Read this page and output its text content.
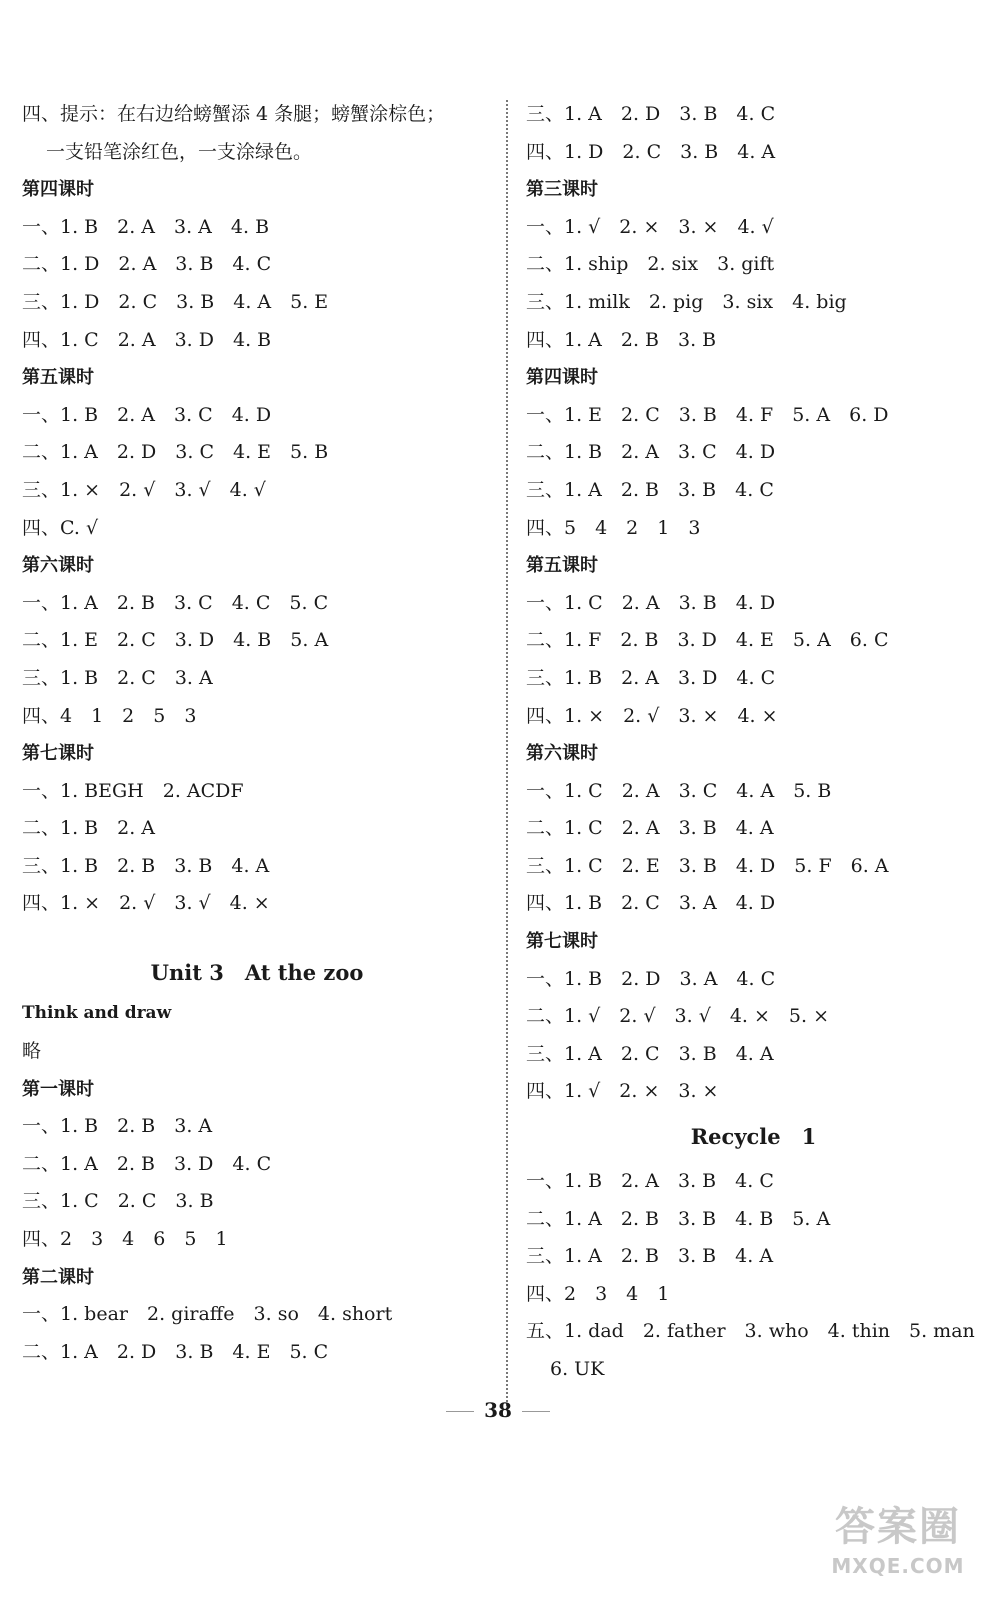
四、提示：在右边给螃蟹添 4 条腿；螃蟹涂棕色；
一支铅笔涂红色，一支涂绿色。
第四课时
一、1. B　2. A　3. A　4. B
二、1. D　2. A　3. B　4. C
三、1. D　2. C　3. B　4. A　5. E
四、1. C　2. A　3. D　4. B
第五课时
一、1. B　2. A　3. C　4. D
二、1. A　2. D　3. C　4. E　5. B
三、1. ×　2. √　3. √　4. √
四、C. √
第六课时
一、1. A　2. B　3. C　4. C　5. C
二、1. E　2. C　3. D　4. B　5. A
三、1. B　2. C　3. A
四、4　1　2　5　3
第七课时
一、1. BEGH　2. ACDF
二、1. B　2. A
三、1. B　2. B　3. B　4. A
四、1. ×　2. √　3. √　4. ×
Unit 3　At the zoo
Think and draw
略
第一课时
一、1. B　2. B　3. A
二、1. A　2. B　3. D　4. C
三、1. C　2. C　3. B
四、2　3　4　6　5　1
第二课时
一、1. bear　2. giraffe　3. so　4. short
二、1. A　2. D　3. B　4. E　5. C
三、1. A　2. D　3. B　4. C
四、1. D　2. C　3. B　4. A
第三课时
一、1. √　2. ×　3. ×　4. √
二、1. ship　2. six　3. gift
三、1. milk　2. pig　3. six　4. big
四、1. A　2. B　3. B
第四课时
一、1. E　2. C　3. B　4. F　5. A　6. D
二、1. B　2. A　3. C　4. D
三、1. A　2. B　3. B　4. C
四、5　4　2　1　3
第五课时
一、1. C　2. A　3. B　4. D
二、1. F　2. B　3. D　4. E　5. A　6. C
三、1. B　2. A　3. D　4. C
四、1. ×　2. √　3. ×　4. ×
第六课时
一、1. C　2. A　3. C　4. A　5. B
二、1. C　2. A　3. B　4. A
三、1. C　2. E　3. B　4. D　5. F　6. A
四、1. B　2. C　3. A　4. D
第七课时
一、1. B　2. D　3. A　4. C
二、1. √　2. √　3. √　4. ×　5. ×
三、1. A　2. C　3. B　4. A
四、1. √　2. ×　3. ×
Recycle　1
一、1. B　2. A　3. B　4. C
二、1. A　2. B　3. B　4. B　5. A
三、1. A　2. B　3. B　4. A
四、2　3　4　1
五、1. dad　2. father　3. who　4. thin　5. man
6. UK
38
答案圈
MXQE.COM
